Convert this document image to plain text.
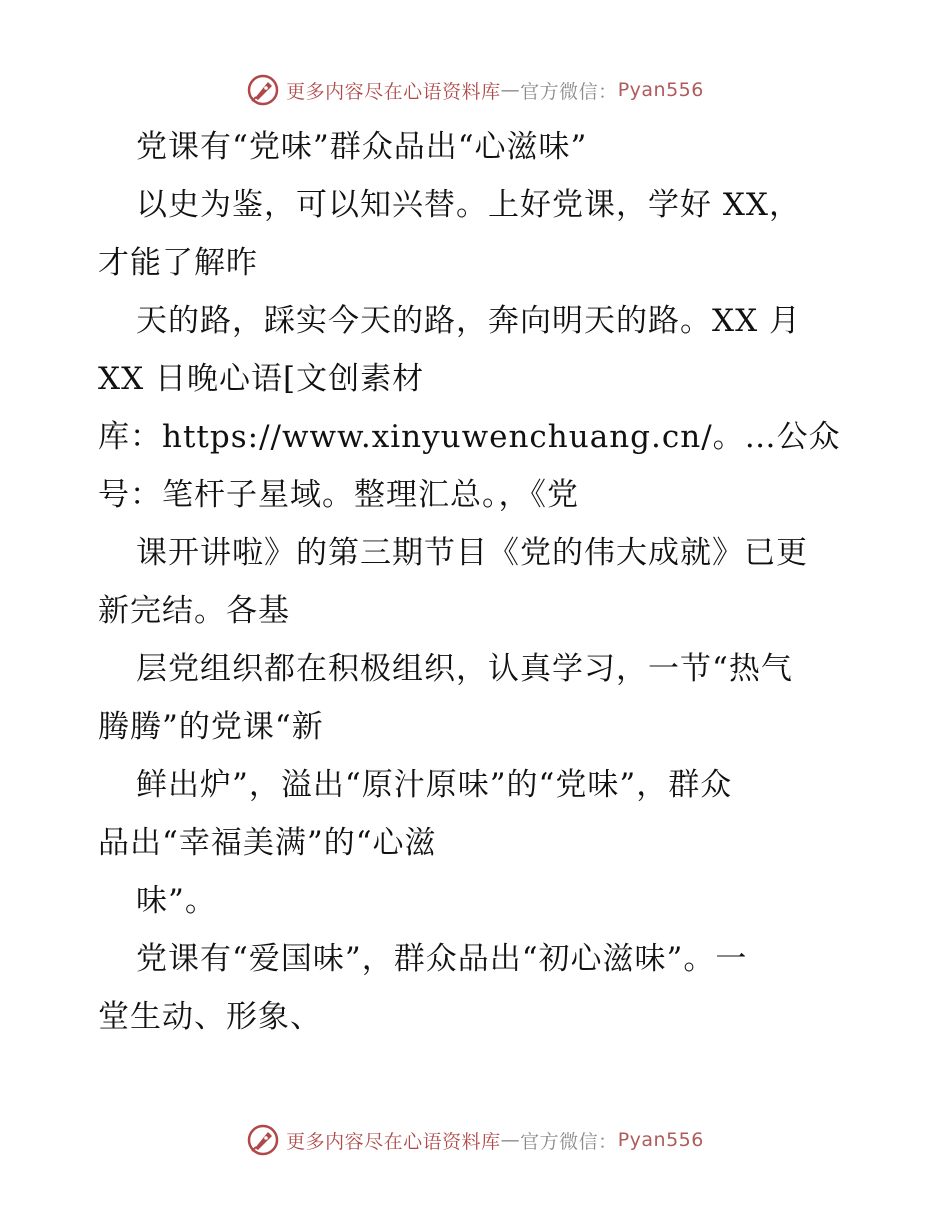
更多内容尽在心语资料库 — 官方微信： Pyan556
党课有“党味”群众品出“心滋味”
以史为鉴，可以知兴替。上好党课，学好 XX，
才能了解昨
天的路，踩实今天的路，奔向明天的路。XX 月
XX 日晚心语[文创素材
库：https://www.xinyuwenchuang.cn/。…公众
号：笔杆子星域。整理汇总。，《党
课开讲啦》的第三期节目《党的伟大成就》已更
新完结。各基
层党组织都在积极组织，认真学习，一节“热气
腾腾”的党课“新
鲜出炉”，溢出“原汁原味”的“党味”，群众
品出“幸福美满”的“心滋
味”。
党课有“爱国味”，群众品出“初心滋味”。一
堂生动、形象、
更多内容尽在心语资料库 — 官方微信： Pyan556
